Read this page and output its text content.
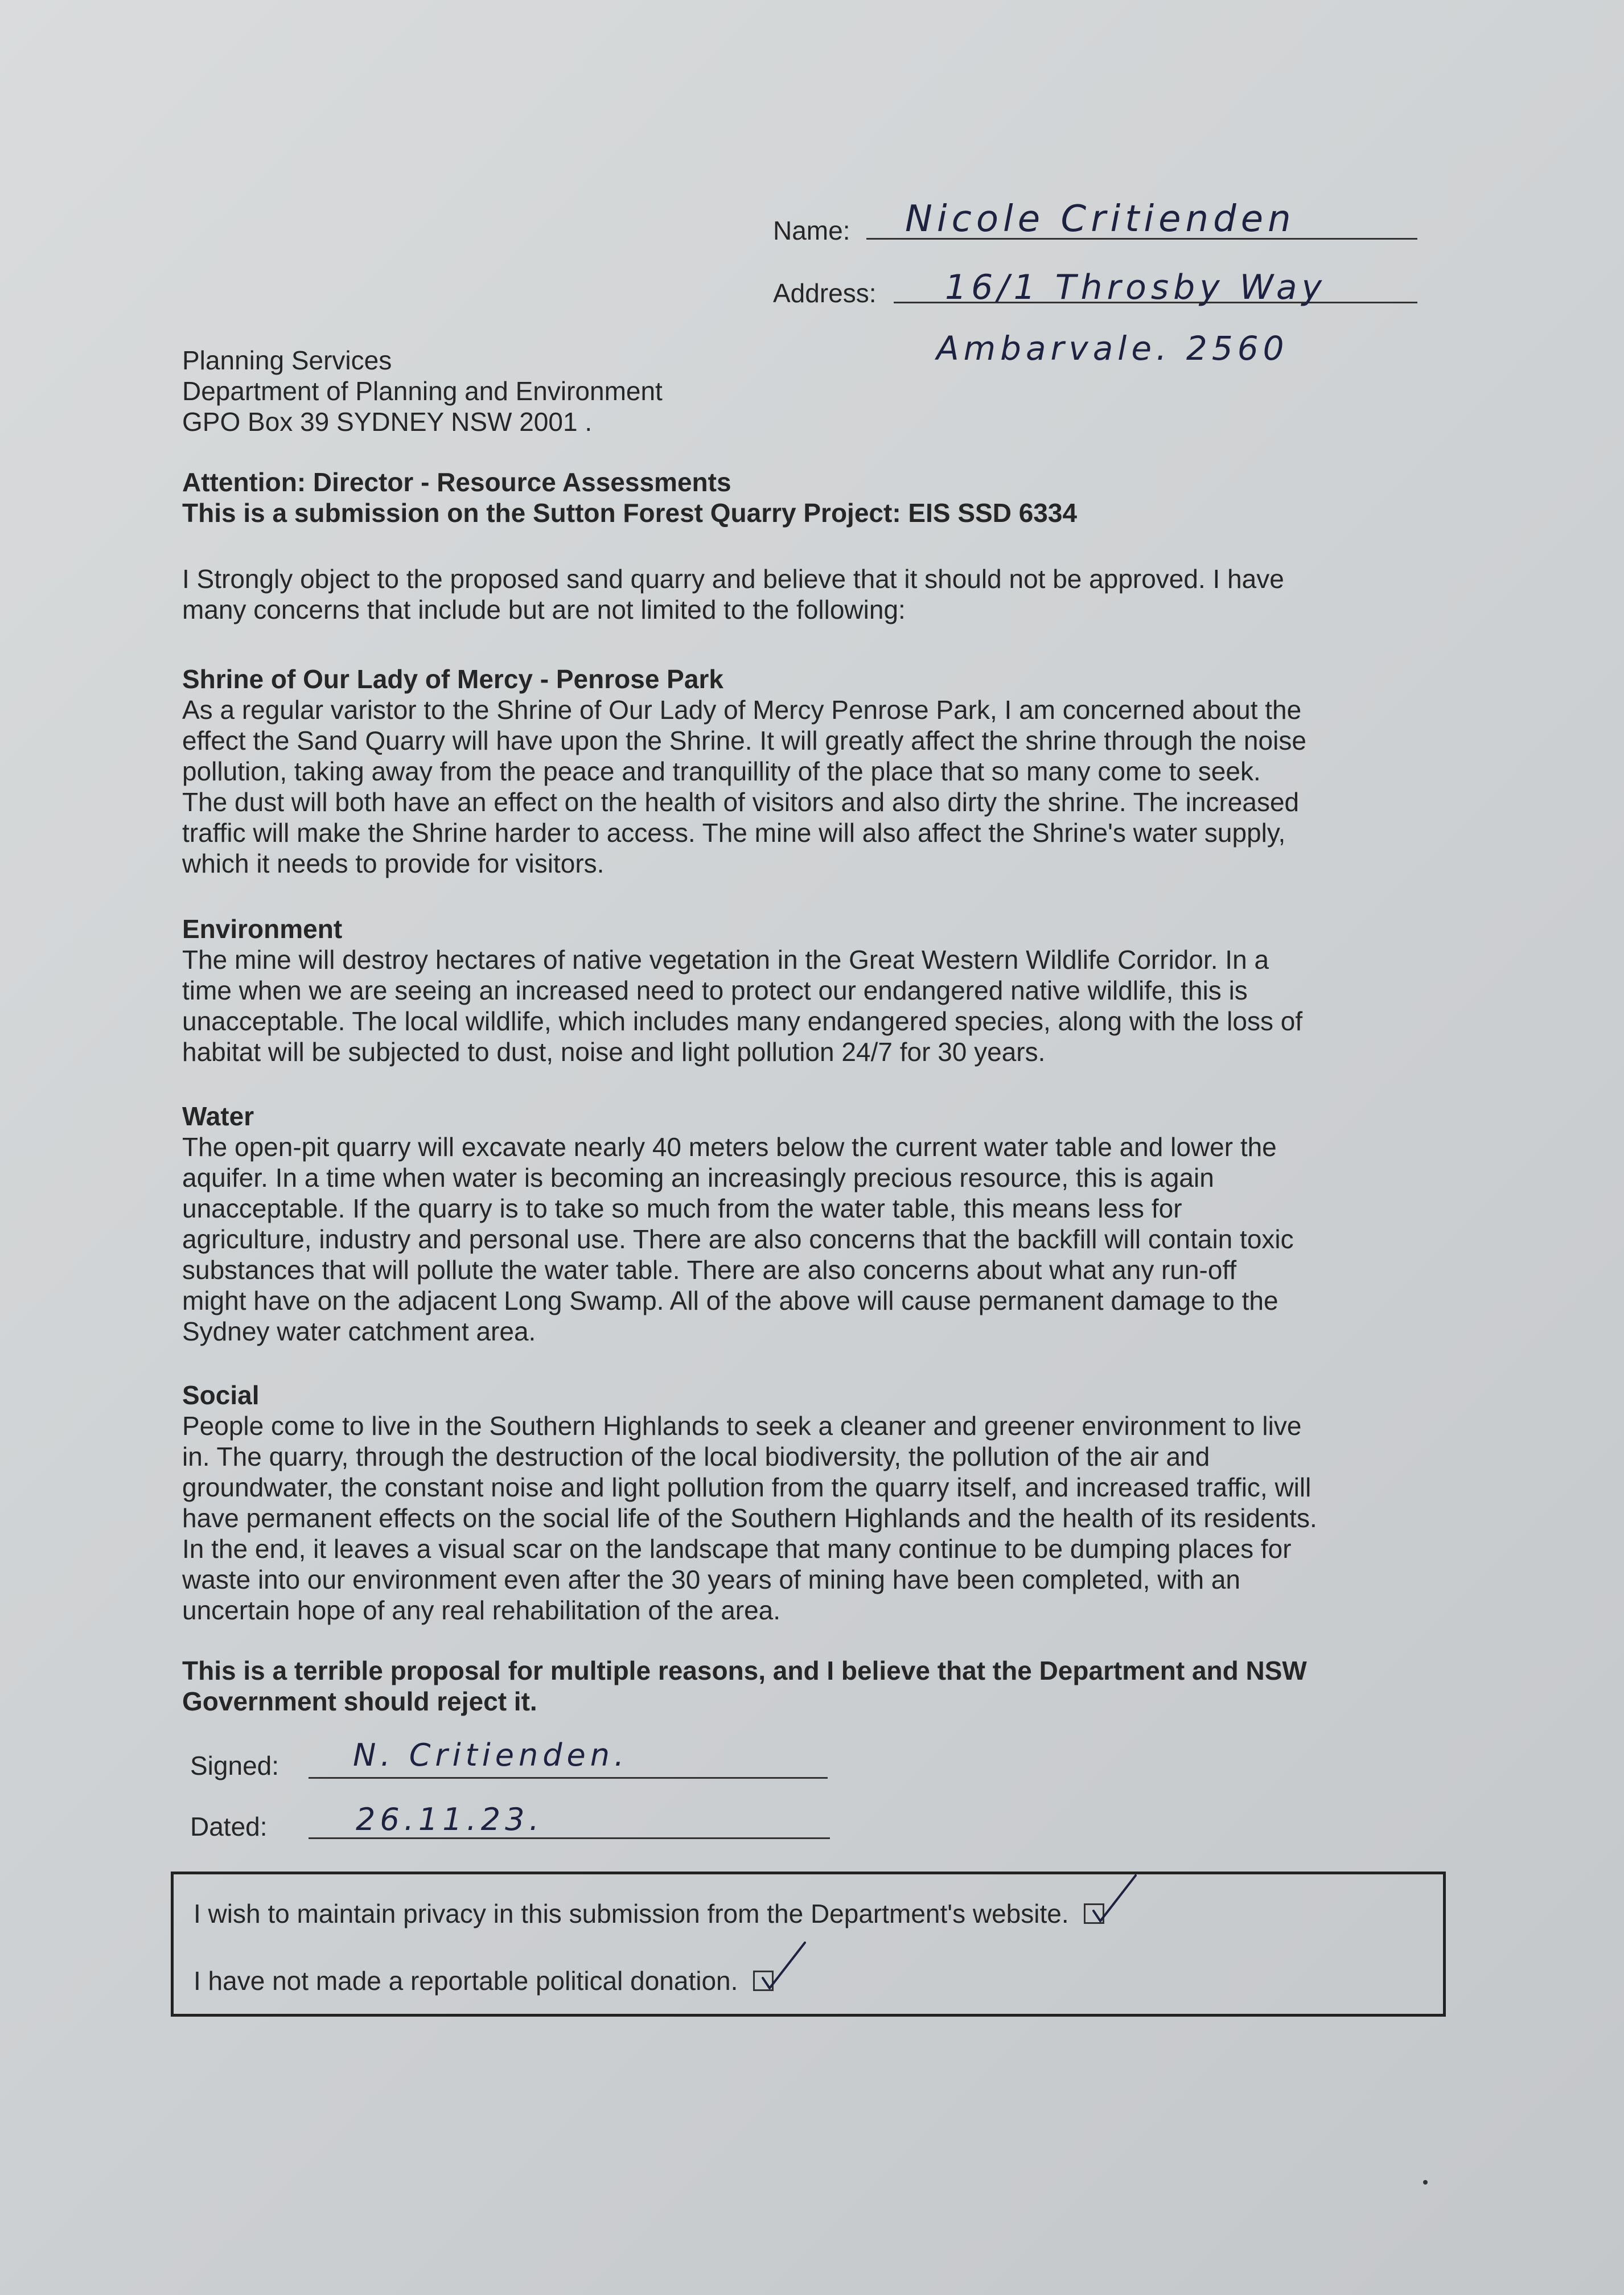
Name: Nicole Critienden
Address: 16/1 Throsby Way
Ambarvale. 2560

Planning Services

Department of Planning and Environment

GPO Box 39 SYDNEY NSW 2001 .

Attention: Director - Resource Assessments

This is a submission on the Sutton Forest Quarry Project: EIS SSD 6334

I Strongly object to the proposed sand quarry and believe that it should not be approved. I have
many concerns that include but are not limited to the following:

Shrine of Our Lady of Mercy - Penrose Park

As a regular varistor to the Shrine of Our Lady of Mercy Penrose Park, I am concerned about the
effect the Sand Quarry will have upon the Shrine. It will greatly affect the shrine through the noise
pollution, taking away from the peace and tranquillity of the place that so many come to seek.
The dust will both have an effect on the health of visitors and also dirty the shrine. The increased
traffic will make the Shrine harder to access. The mine will also affect the Shrine's water supply,
which it needs to provide for visitors.

Environment

The mine will destroy hectares of native vegetation in the Great Western Wildlife Corridor. In a
time when we are seeing an increased need to protect our endangered native wildlife, this is
unacceptable. The local wildlife, which includes many endangered species, along with the loss of
habitat will be subjected to dust, noise and light pollution 24/7 for 30 years.

Water

The open-pit quarry will excavate nearly 40 meters below the current water table and lower the
aquifer. In a time when water is becoming an increasingly precious resource, this is again
unacceptable. If the quarry is to take so much from the water table, this means less for
agriculture, industry and personal use. There are also concerns that the backfill will contain toxic
substances that will pollute the water table. There are also concerns about what any run-off
might have on the adjacent Long Swamp. All of the above will cause permanent damage to the
Sydney water catchment area.

Social

People come to live in the Southern Highlands to seek a cleaner and greener environment to live
in. The quarry, through the destruction of the local biodiversity, the pollution of the air and
groundwater, the constant noise and light pollution from the quarry itself, and increased traffic, will
have permanent effects on the social life of the Southern Highlands and the health of its residents.
In the end, it leaves a visual scar on the landscape that many continue to be dumping places for
waste into our environment even after the 30 years of mining have been completed, with an
uncertain hope of any real rehabilitation of the area.

This is a terrible proposal for multiple reasons, and I believe that the Department and NSW
Government should reject it.

Signed: N. Critienden.
Dated:	26.11.23.
I wish to maintain privacy in this submission from the Department's website.
I have not made a reportable political donation.
